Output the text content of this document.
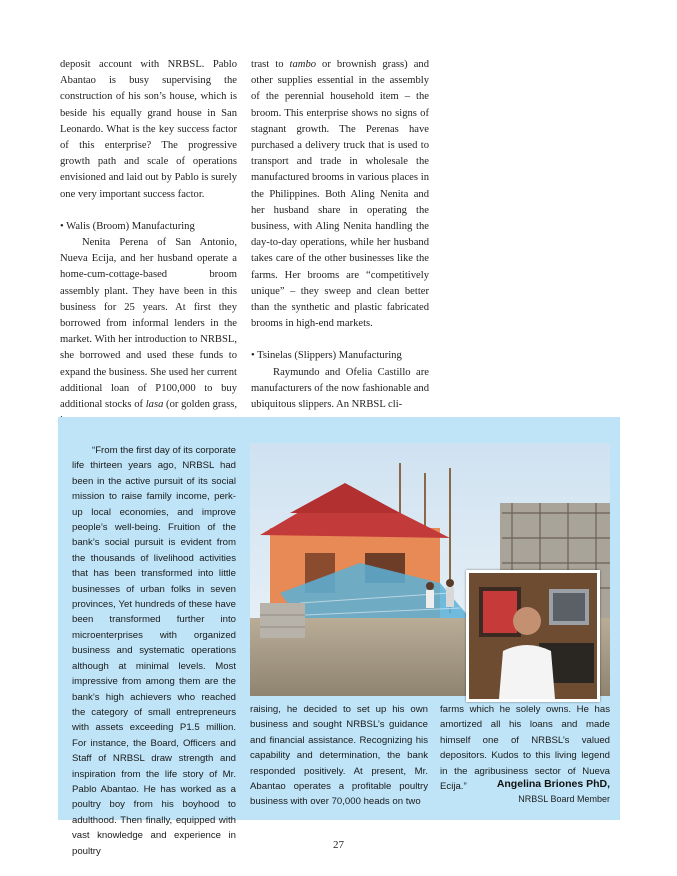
deposit account with NRBSL. Pablo Abantao is busy supervising the construction of his son’s house, which is beside his equally grand house in San Leonardo. What is the key success factor of this enterprise? The progressive growth path and scale of operations envisioned and laid out by Pablo is surely one very important success factor.

• Walis (Broom) Manufacturing

Nenita Perena of San Antonio, Nueva Ecija, and her husband operate a home-cum-cottage-based broom assembly plant. They have been in this business for 25 years. At first they borrowed from informal lenders in the market. With her introduction to NRBSL, she borrowed and used these funds to expand the business. She used her current additional loan of P100,000 to buy additional stocks of lasa (or golden grass,

trast to tambo or brownish grass) and other supplies essential in the assembly of the perennial household item – the broom. This enterprise shows no signs of stagnant growth. The Perenas have purchased a delivery truck that is used to transport and trade in wholesale the manufactured brooms in various places in the Philippines. Both Aling Nenita and her husband share in operating the business, with Aling Nenita handling the day-to-day operations, while her husband takes care of the other businesses like the farms. Her brooms are “competitively unique” – they sweep and clean better than the synthetic and plastic fabricated brooms in high-end markets.

• Tsinelas (Slippers) Manufacturing

Raymundo and Ofelia Castillo are manufacturers of the now fashionable and ubiquitous slippers. An NRBSL cli-

“From the first day of its corporate life thirteen years ago, NRBSL had been in the active pursuit of its social mission to raise family income, perk-up local economies, and improve people’s well-being. Fruition of the bank’s social pursuit is evident from the thousands of livelihood activities that has been transformed into little businesses of urban folks in seven provinces, Yet hundreds of these have been transformed further into microenterprises with organized business and systematic operations although at minimal levels. Most impressive from among them are the bank’s high achievers who reached the category of small entrepreneurs with assets exceeding P1.5 million. For instance, the Board, Officers and Staff of NRBSL draw strength and inspiration from the life story of Mr. Pablo Abantao. He has worked as a poultry boy from his boyhood to adulthood. Then finally, equipped with vast knowledge and experience in poultry

raising, he decided to set up his own business and sought NRBSL’s guidance and financial assistance. Recognizing his capability and determination, the bank responded positively. At present, Mr. Abantao operates a profitable poultry business with over 70,000 heads on two

farms which he solely owns. He has amortized all his loans and made himself one of NRBSL’s valued depositors. Kudos to this living legend in the agribusiness sector of Nueva Ecija.”	Angelina Briones PhD,
NRBSL Board Member
27
